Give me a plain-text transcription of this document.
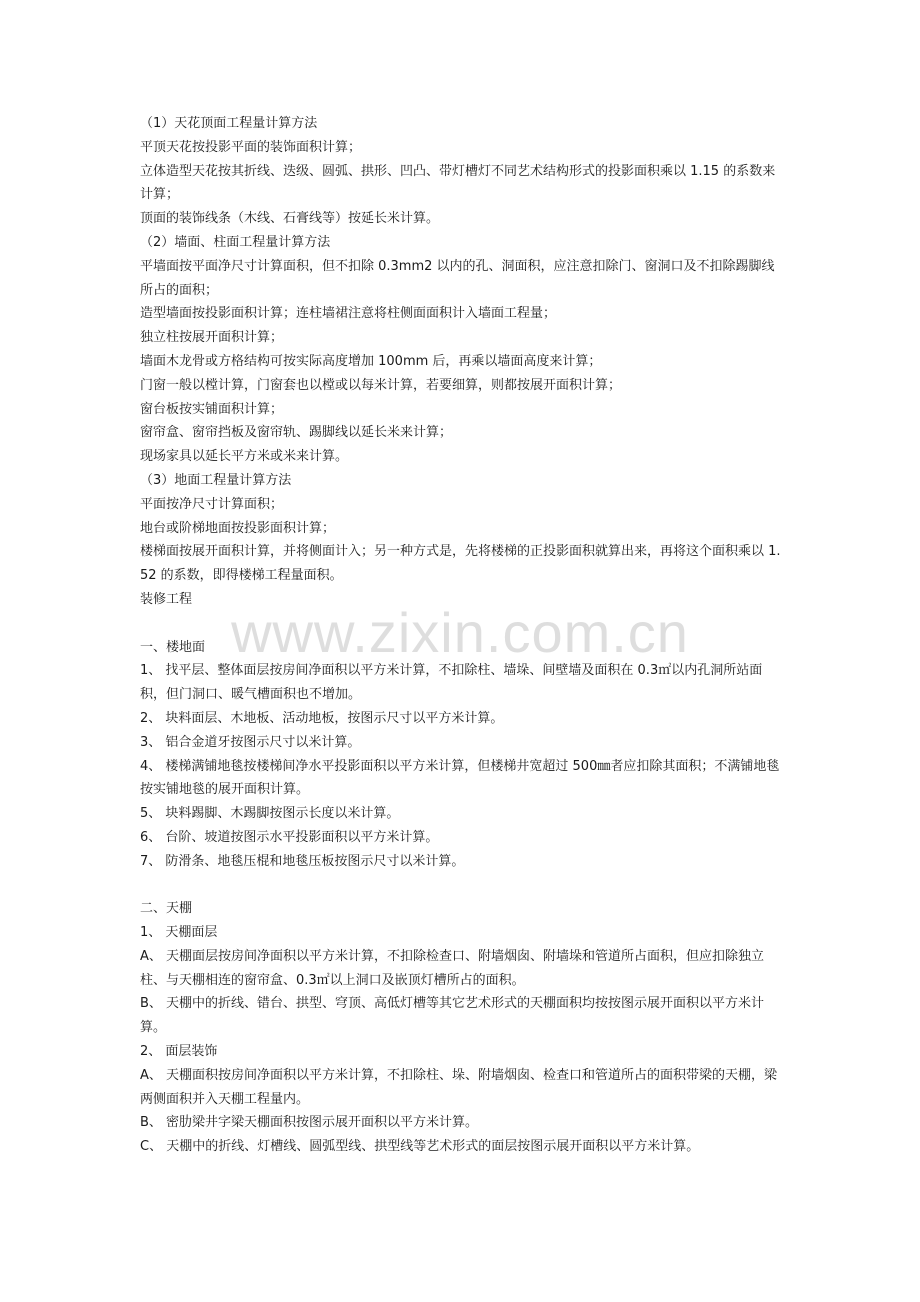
www.zixin.com.cn

（1）天花顶面工程量计算方法

平顶天花按投影平面的装饰面积计算；

立体造型天花按其折线、迭级、圆弧、拱形、凹凸、带灯槽灯不同艺术结构形式的投影面积乘以 1.15 的系数来计算；

顶面的装饰线条（木线、石膏线等）按延长米计算。

（2）墙面、柱面工程量计算方法

平墙面按平面净尺寸计算面积，但不扣除 0.3mm2 以内的孔、洞面积，应注意扣除门、窗洞口及不扣除踢脚线所占的面积；

造型墙面按投影面积计算；连柱墙裙注意将柱侧面面积计入墙面工程量；

独立柱按展开面积计算；

墙面木龙骨或方格结构可按实际高度增加 100mm 后，再乘以墙面高度来计算；

门窗一般以樘计算，门窗套也以樘或以每米计算，若要细算，则都按展开面积计算；

窗台板按实铺面积计算；

窗帘盒、窗帘挡板及窗帘轨、踢脚线以延长米来计算；

现场家具以延长平方米或米来计算。

（3）地面工程量计算方法

平面按净尺寸计算面积；

地台或阶梯地面按投影面积计算；

楼梯面按展开面积计算，并将侧面计入；另一种方式是，先将楼梯的正投影面积就算出来，再将这个面积乘以 1.52 的系数，即得楼梯工程量面积。

装修工程

一、楼地面

1、 找平层、整体面层按房间净面积以平方米计算，不扣除柱、墙垛、间壁墙及面积在 0.3㎡以内孔洞所站面积，但门洞口、暖气槽面积也不增加。

2、 块料面层、木地板、活动地板，按图示尺寸以平方米计算。

3、 铝合金道牙按图示尺寸以米计算。

4、 楼梯满铺地毯按楼梯间净水平投影面积以平方米计算，但楼梯井宽超过 500㎜者应扣除其面积；不满铺地毯按实铺地毯的展开面积计算。

5、 块料踢脚、木踢脚按图示长度以米计算。

6、 台阶、坡道按图示水平投影面积以平方米计算。

7、 防滑条、地毯压棍和地毯压板按图示尺寸以米计算。

二、天棚

1、 天棚面层

A、 天棚面层按房间净面积以平方米计算，不扣除检查口、附墙烟囱、附墙垛和管道所占面积，但应扣除独立柱、与天棚相连的窗帘盒、0.3㎡以上洞口及嵌顶灯槽所占的面积。

B、 天棚中的折线、错台、拱型、穹顶、高低灯槽等其它艺术形式的天棚面积均按按图示展开面积以平方米计算。

2、 面层装饰

A、 天棚面积按房间净面积以平方米计算，不扣除柱、垛、附墙烟囱、检查口和管道所占的面积带梁的天棚，梁两侧面积并入天棚工程量内。

B、 密肋梁井字梁天棚面积按图示展开面积以平方米计算。

C、 天棚中的折线、灯槽线、圆弧型线、拱型线等艺术形式的面层按图示展开面积以平方米计算。
